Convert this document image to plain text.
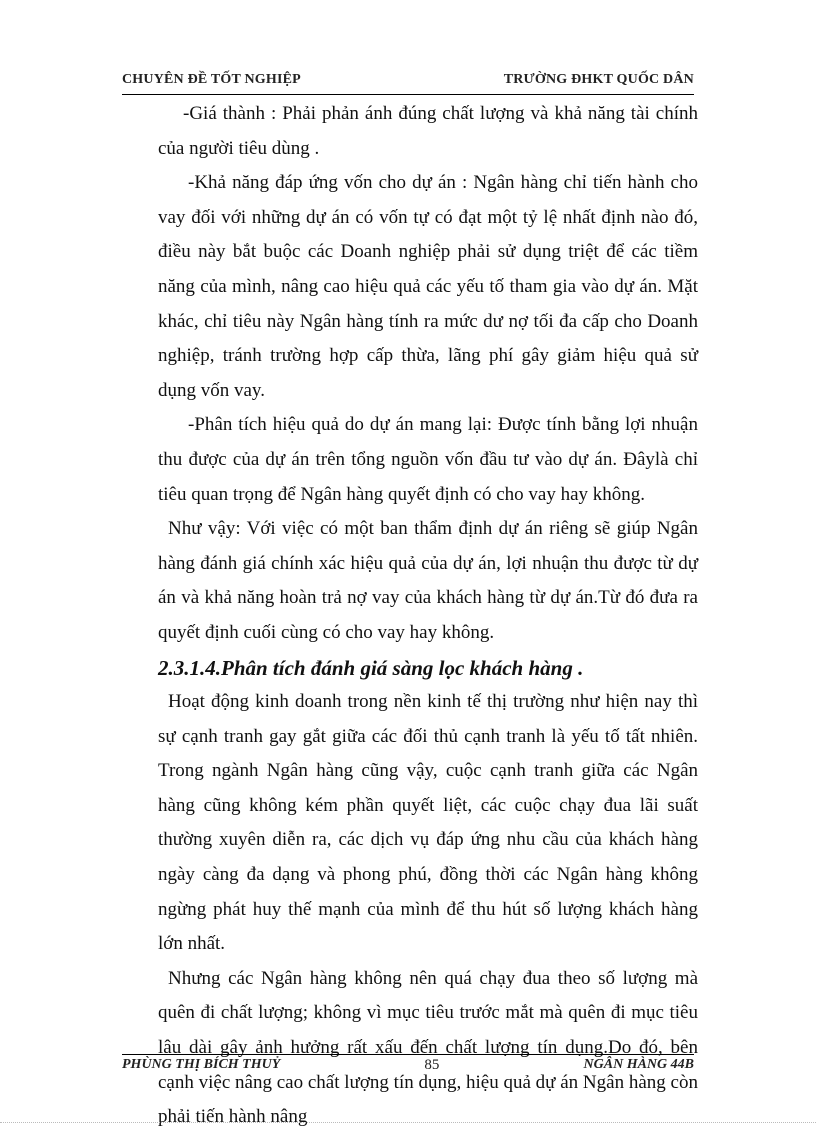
CHUYÊN ĐỀ TỐT NGHIỆP	TRƯỜNG ĐHKT QUỐC DÂN

-Giá thành : Phải phản ánh đúng chất lượng và khả năng tài chính của người tiêu dùng .

-Khả năng đáp ứng vốn cho dự án : Ngân hàng chỉ tiến hành cho vay đối với những dự án có vốn tự có đạt một tỷ lệ nhất định nào đó, điều này bắt buộc các Doanh nghiệp phải sử dụng triệt để các tiềm năng của mình, nâng cao hiệu quả các yếu tố tham gia vào dự án. Mặt khác, chỉ tiêu này Ngân hàng tính ra mức dư nợ tối đa cấp cho Doanh nghiệp, tránh trường hợp cấp thừa, lãng phí gây giảm hiệu quả sử dụng vốn vay.

-Phân tích hiệu quả do dự án mang lại: Được tính bằng lợi nhuận thu được của dự án trên tổng nguồn vốn đầu tư vào dự án. Đâylà chỉ tiêu quan trọng để Ngân hàng quyết định có cho vay hay không.

Như vậy: Với việc có một ban thẩm định dự án riêng sẽ giúp Ngân hàng đánh giá chính xác hiệu quả của dự án, lợi nhuận thu được từ dự án và khả năng hoàn trả nợ vay của khách hàng từ dự án.Từ đó đưa ra quyết định cuối cùng có cho vay hay không.

2.3.1.4.Phân tích đánh giá sàng lọc khách hàng .

Hoạt động kinh doanh trong nền kinh tế thị trường như hiện nay thì sự cạnh tranh gay gắt giữa các đối thủ cạnh tranh là yếu tố tất nhiên. Trong ngành Ngân hàng cũng vậy, cuộc cạnh tranh giữa các Ngân hàng cũng không kém phần quyết liệt, các cuộc chạy đua lãi suất thường xuyên diễn ra, các dịch vụ đáp ứng nhu cầu của khách hàng ngày càng đa dạng và phong phú, đồng thời các Ngân hàng không ngừng phát huy thế mạnh của mình để thu hút số lượng khách hàng lớn nhất.

Nhưng các Ngân hàng không nên quá chạy đua theo số lượng mà quên đi chất lượng; không vì mục tiêu trước mắt mà quên đi mục tiêu lâu dài gây ảnh hưởng rất xấu đến chất lượng tín dụng.Do đó, bên cạnh việc nâng cao chất lượng tín dụng, hiệu quả dự án Ngân hàng còn phải tiến hành nâng

PHÙNG THỊ BÍCH THUỶ	85	NGÂN HÀNG 44B
